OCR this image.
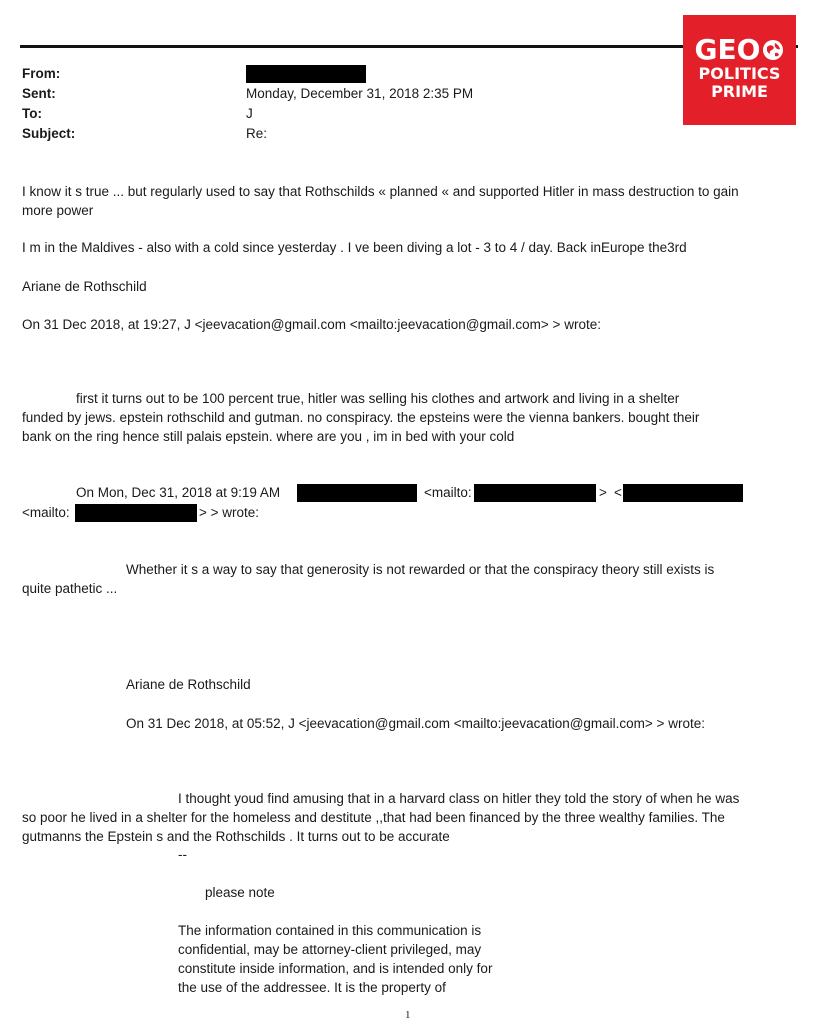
GEO
POLITICS
PRIME
From:
Sent:	Monday, December 31, 2018 2:35 PM
To:	J
Subject:	Re:
I know it s true ... but regularly used to say that Rothschilds « planned « and supported Hitler in mass destruction to gain
more power
I m in the Maldives - also with a cold since yesterday . I ve been diving a lot - 3 to 4 / day. Back inEurope the3rd
Ariane de Rothschild
On 31 Dec 2018, at 19:27, J <jeevacation@gmail.com <mailto:jeevacation@gmail.com> > wrote:
first it turns out to be 100 percent true, hitler was selling his clothes and artwork and living in a shelter
funded by jews. epstein rothschild and gutman. no conspiracy. the epsteins were the vienna bankers. bought their
bank on the ring hence still palais epstein. where are you , im in bed with your cold
On Mon, Dec 31, 2018 at 9:19 AM	<mailto:	> <
<mailto:	> > wrote:
Whether it s a way to say that generosity is not rewarded or that the conspiracy theory still exists is
quite pathetic ...
Ariane de Rothschild
On 31 Dec 2018, at 05:52, J <jeevacation@gmail.com <mailto:jeevacation@gmail.com> > wrote:
I thought youd find amusing that in a harvard class on hitler they told the story of when he was
so poor he lived in a shelter for the homeless and destitute ,,that had been financed by the three wealthy families. The
gutmanns the Epstein s and the Rothschilds . It turns out to be accurate
--
please note
The information contained in this communication is
confidential, may be attorney-client privileged, may
constitute inside information, and is intended only for
the use of the addressee. It is the property of
1
